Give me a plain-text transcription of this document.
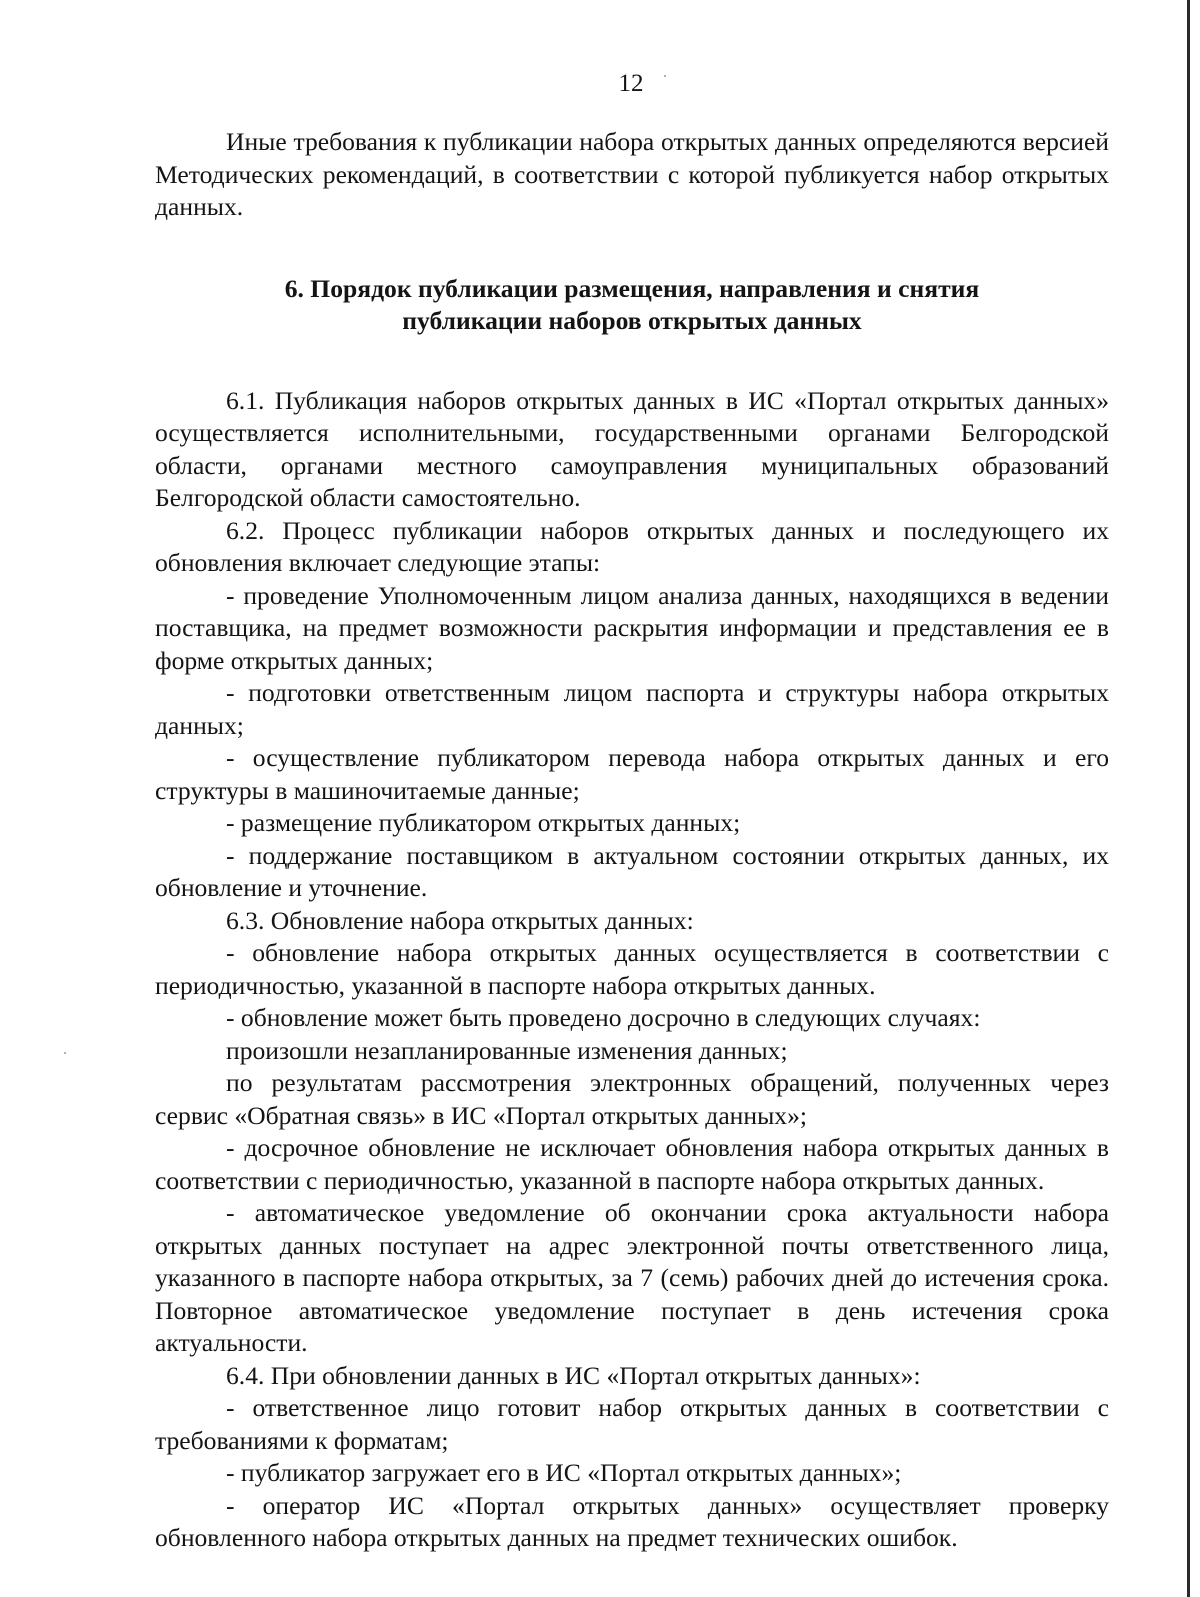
12

Иные требования к публикации набора открытых данных определяются версией Методических рекомендаций, в соответствии с которой публикуется набор открытых данных.

6. Порядок публикации размещения, направления и снятия
публикации наборов открытых данных

6.1. Публикация наборов открытых данных в ИС «Портал открытых данных» осуществляется исполнительными, государственными органами Белгородской области, органами местного самоуправления муниципальных образований Белгородской области самостоятельно.

6.2. Процесс публикации наборов открытых данных и последующего их обновления включает следующие этапы:

- проведение Уполномоченным лицом анализа данных, находящихся в ведении поставщика, на предмет возможности раскрытия информации и представления ее в форме открытых данных;

- подготовки ответственным лицом паспорта и структуры набора открытых данных;

- осуществление публикатором перевода набора открытых данных и его структуры в машиночитаемые данные;

- размещение публикатором открытых данных;

- поддержание поставщиком в актуальном состоянии открытых данных, их обновление и уточнение.

6.3. Обновление набора открытых данных:

- обновление набора открытых данных осуществляется в соответствии с периодичностью, указанной в паспорте набора открытых данных.

- обновление может быть проведено досрочно в следующих случаях:

произошли незапланированные изменения данных;

по результатам рассмотрения электронных обращений, полученных через сервис «Обратная связь» в ИС «Портал открытых данных»;

- досрочное обновление не исключает обновления набора открытых данных в соответствии с периодичностью, указанной в паспорте набора открытых данных.

- автоматическое уведомление об окончании срока актуальности набора открытых данных поступает на адрес электронной почты ответственного лица, указанного в паспорте набора открытых, за 7 (семь) рабочих дней до истечения срока. Повторное автоматическое уведомление поступает в день истечения срока актуальности.

6.4. При обновлении данных в ИС «Портал открытых данных»:

- ответственное лицо готовит набор открытых данных в соответствии с требованиями к форматам;

- публикатор загружает его в ИС «Портал открытых данных»;

- оператор ИС «Портал открытых данных» осуществляет проверку обновленного набора открытых данных на предмет технических ошибок.
